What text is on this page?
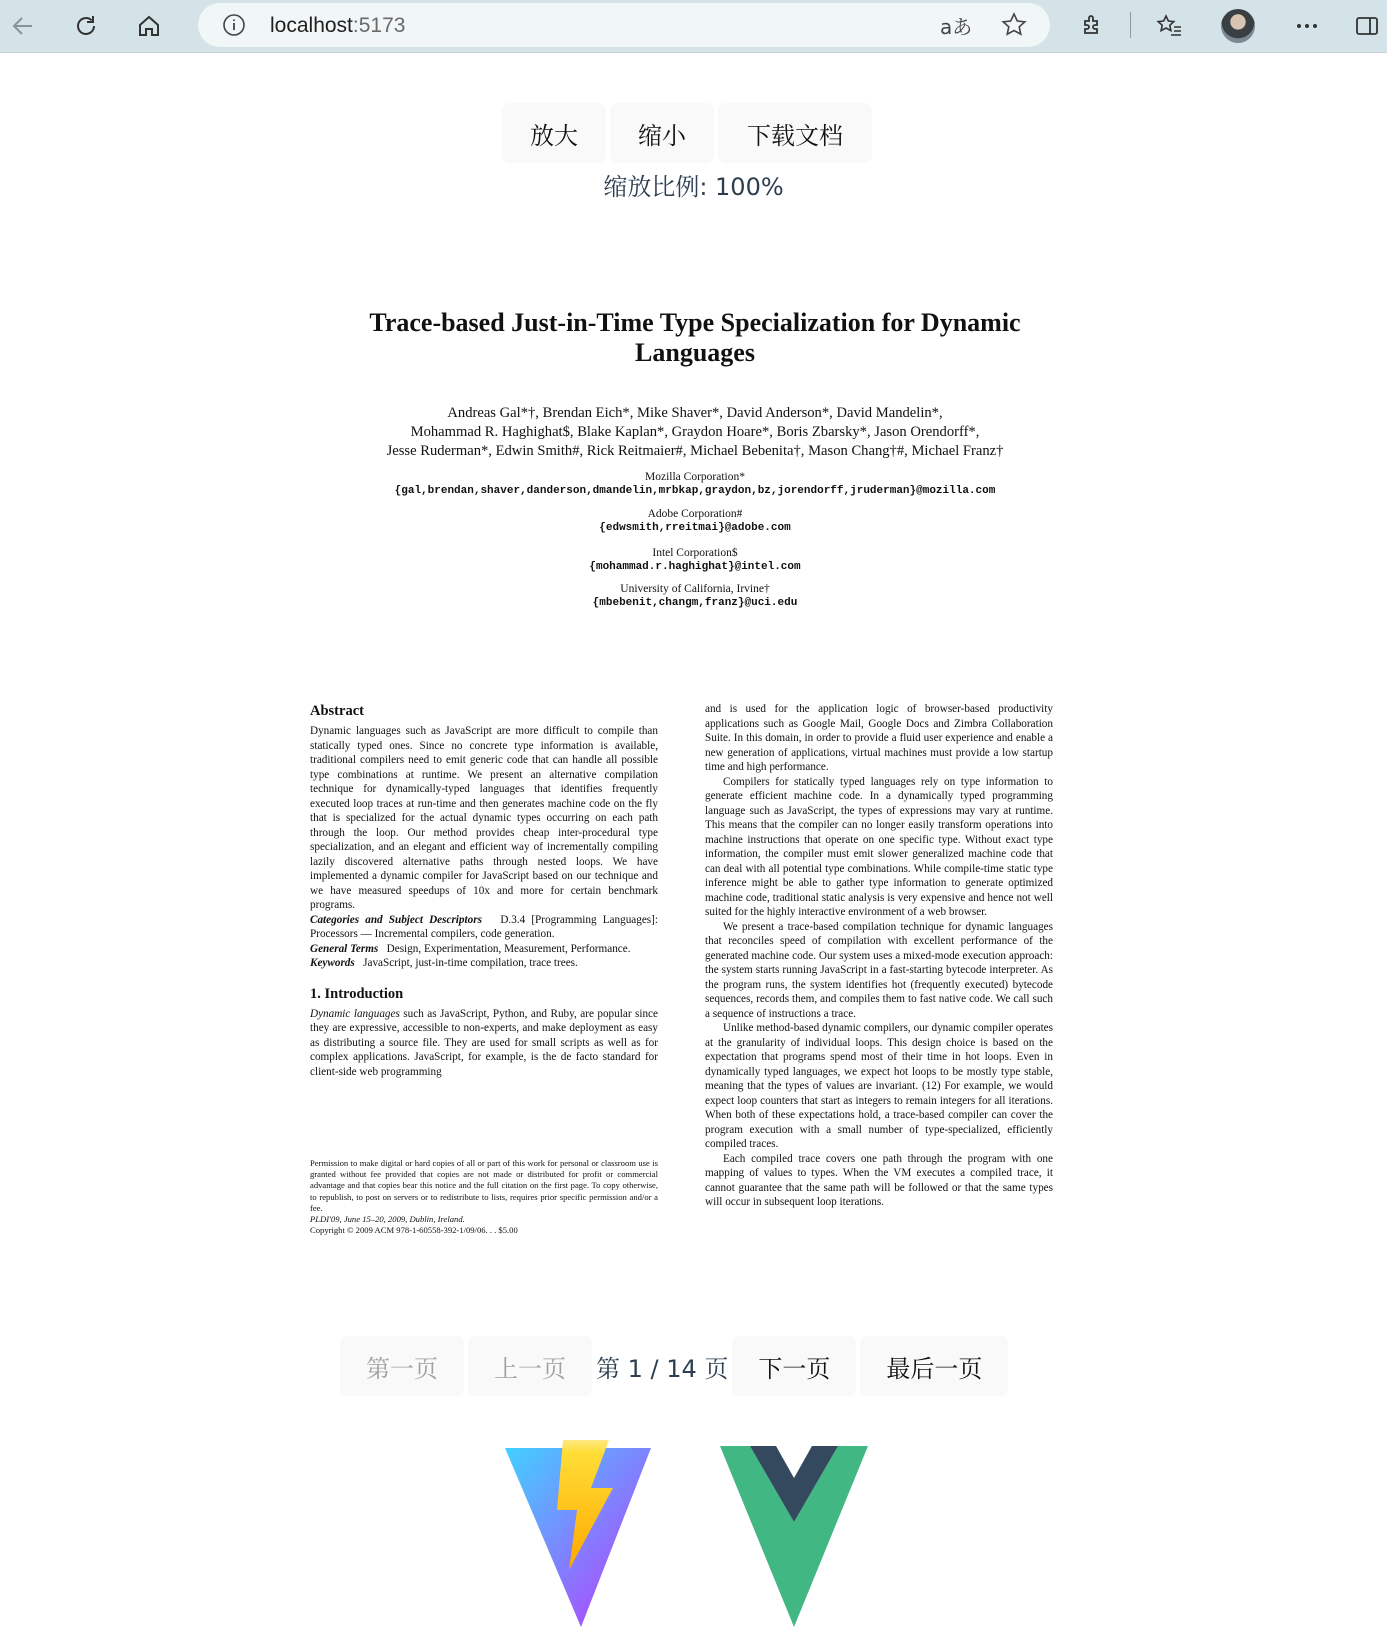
localhost:5173	aあ
放大	缩小	下载文档
缩放比例: 100%
Trace-based Just-in-Time Type Specialization for Dynamic
Languages
Andreas Gal*†, Brendan Eich*, Mike Shaver*, David Anderson*, David Mandelin*,
Mohammad R. Haghighat$, Blake Kaplan*, Graydon Hoare*, Boris Zbarsky*, Jason Orendorff*,
Jesse Ruderman*, Edwin Smith#, Rick Reitmaier#, Michael Bebenita†, Mason Chang†#, Michael Franz†
Mozilla Corporation*
{gal,brendan,shaver,danderson,dmandelin,mrbkap,graydon,bz,jorendorff,jruderman}@mozilla.com
Adobe Corporation#
{edwsmith,rreitmai}@adobe.com
Intel Corporation$
{mohammad.r.haghighat}@intel.com
University of California, Irvine†
{mbebenit,changm,franz}@uci.edu
Abstract

Dynamic languages such as JavaScript are more difficult to compile than statically typed ones. Since no concrete type information is available, traditional compilers need to emit generic code that can handle all possible type combinations at runtime. We present an alternative compilation technique for dynamically-typed languages that identifies frequently executed loop traces at run-time and then generates machine code on the fly that is specialized for the actual dynamic types occurring on each path through the loop. Our method provides cheap inter-procedural type specialization, and an elegant and efficient way of incrementally compiling lazily discovered alternative paths through nested loops. We have implemented a dynamic compiler for JavaScript based on our technique and we have measured speedups of 10x and more for certain benchmark programs.

Categories and Subject Descriptors D.3.4 [Programming Languages]: Processors — Incremental compilers, code generation.

General Terms Design, Experimentation, Measurement, Performance.

Keywords JavaScript, just-in-time compilation, trace trees.

1. Introduction

Dynamic languages such as JavaScript, Python, and Ruby, are popular since they are expressive, accessible to non-experts, and make deployment as easy as distributing a source file. They are used for small scripts as well as for complex applications. JavaScript, for example, is the de facto standard for client-side web programming

Permission to make digital or hard copies of all or part of this work for personal or classroom use is granted without fee provided that copies are not made or distributed for profit or commercial advantage and that copies bear this notice and the full citation on the first page. To copy otherwise, to republish, to post on servers or to redistribute to lists, requires prior specific permission and/or a fee.

PLDI'09, June 15–20, 2009, Dublin, Ireland.

Copyright © 2009 ACM 978-1-60558-392-1/09/06. . . $5.00

and is used for the application logic of browser-based productivity applications such as Google Mail, Google Docs and Zimbra Collaboration Suite. In this domain, in order to provide a fluid user experience and enable a new generation of applications, virtual machines must provide a low startup time and high performance.

Compilers for statically typed languages rely on type information to generate efficient machine code. In a dynamically typed programming language such as JavaScript, the types of expressions may vary at runtime. This means that the compiler can no longer easily transform operations into machine instructions that operate on one specific type. Without exact type information, the compiler must emit slower generalized machine code that can deal with all potential type combinations. While compile-time static type inference might be able to gather type information to generate optimized machine code, traditional static analysis is very expensive and hence not well suited for the highly interactive environment of a web browser.

We present a trace-based compilation technique for dynamic languages that reconciles speed of compilation with excellent performance of the generated machine code. Our system uses a mixed-mode execution approach: the system starts running JavaScript in a fast-starting bytecode interpreter. As the program runs, the system identifies hot (frequently executed) bytecode sequences, records them, and compiles them to fast native code. We call such a sequence of instructions a trace.

Unlike method-based dynamic compilers, our dynamic compiler operates at the granularity of individual loops. This design choice is based on the expectation that programs spend most of their time in hot loops. Even in dynamically typed languages, we expect hot loops to be mostly type stable, meaning that the types of values are invariant. (12) For example, we would expect loop counters that start as integers to remain integers for all iterations. When both of these expectations hold, a trace-based compiler can cover the program execution with a small number of type-specialized, efficiently compiled traces.

Each compiled trace covers one path through the program with one mapping of values to types. When the VM executes a compiled trace, it cannot guarantee that the same path will be followed or that the same types will occur in subsequent loop iterations.

第一页	上一页	第 1 / 14 页	下一页	最后一页
